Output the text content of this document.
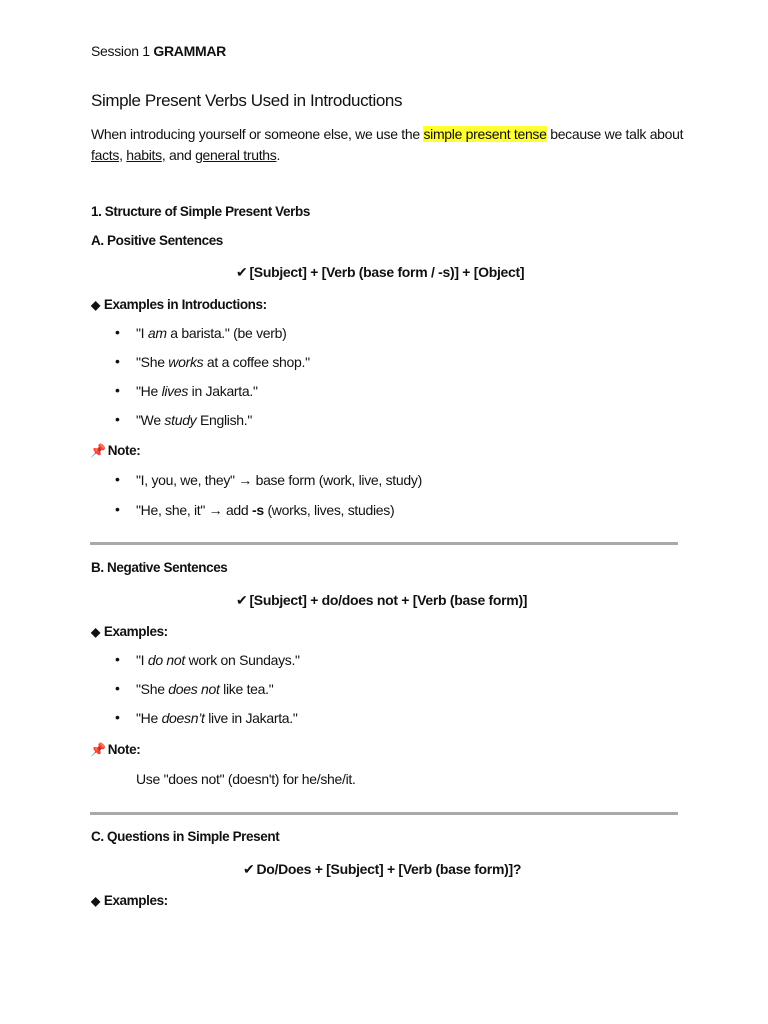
Session 1 GRAMMAR
Simple Present Verbs Used in Introductions
When introducing yourself or someone else, we use the simple present tense because we talk about facts, habits, and general truths.
1. Structure of Simple Present Verbs
A. Positive Sentences
✔︎ [Subject] + [Verb (base form / -s)] + [Object]
◆ Examples in Introductions:
• "I am a barista." (be verb)
• "She works at a coffee shop."
• "He lives in Jakarta."
• "We study English."
📌 Note:
• "I, you, we, they" → base form (work, live, study)
• "He, she, it" → add -s (works, lives, studies)
B. Negative Sentences
✔︎ [Subject] + do/does not + [Verb (base form)]
◆ Examples:
• "I do not work on Sundays."
• "She does not like tea."
• "He doesn’t live in Jakarta."
📌 Note:
Use "does not" (doesn't) for he/she/it.
C. Questions in Simple Present
✔︎ Do/Does + [Subject] + [Verb (base form)]?
◆ Examples:
